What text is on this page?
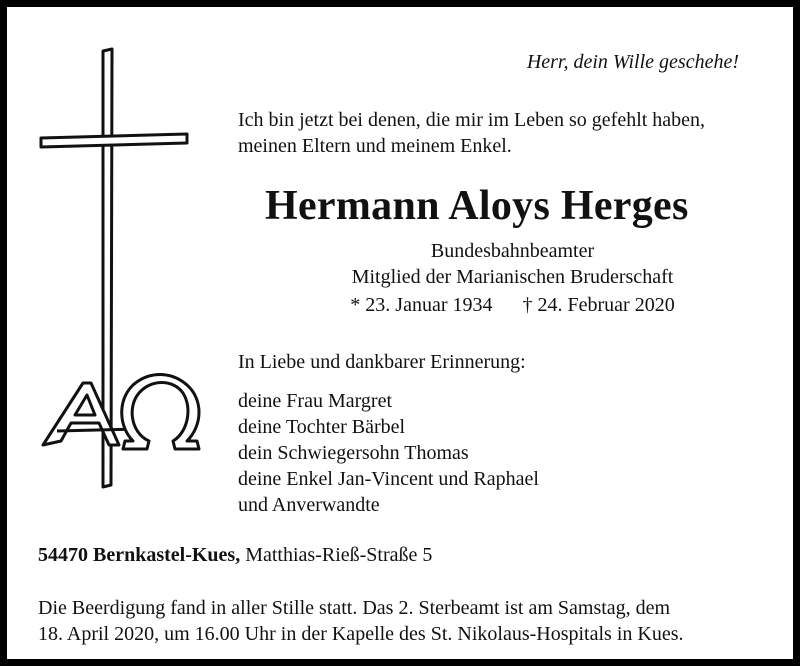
Herr, dein Wille geschehe!
Ich bin jetzt bei denen, die mir im Leben so gefehlt haben,
meinen Eltern und meinem Enkel.
Hermann Aloys Herges
Bundesbahnbeamter
Mitglied der Marianischen Bruderschaft
* 23. Januar 1934 † 24. Februar 2020
In Liebe und dankbarer Erinnerung:
deine Frau Margret
deine Tochter Bärbel
dein Schwiegersohn Thomas
deine Enkel Jan-Vincent und Raphael
und Anverwandte
54470 Bernkastel-Kues, Matthias-Rieß-Straße 5
Die Beerdigung fand in aller Stille statt. Das 2. Sterbeamt ist am Samstag, dem
18. April 2020, um 16.00 Uhr in der Kapelle des St. Nikolaus-Hospitals in Kues.
